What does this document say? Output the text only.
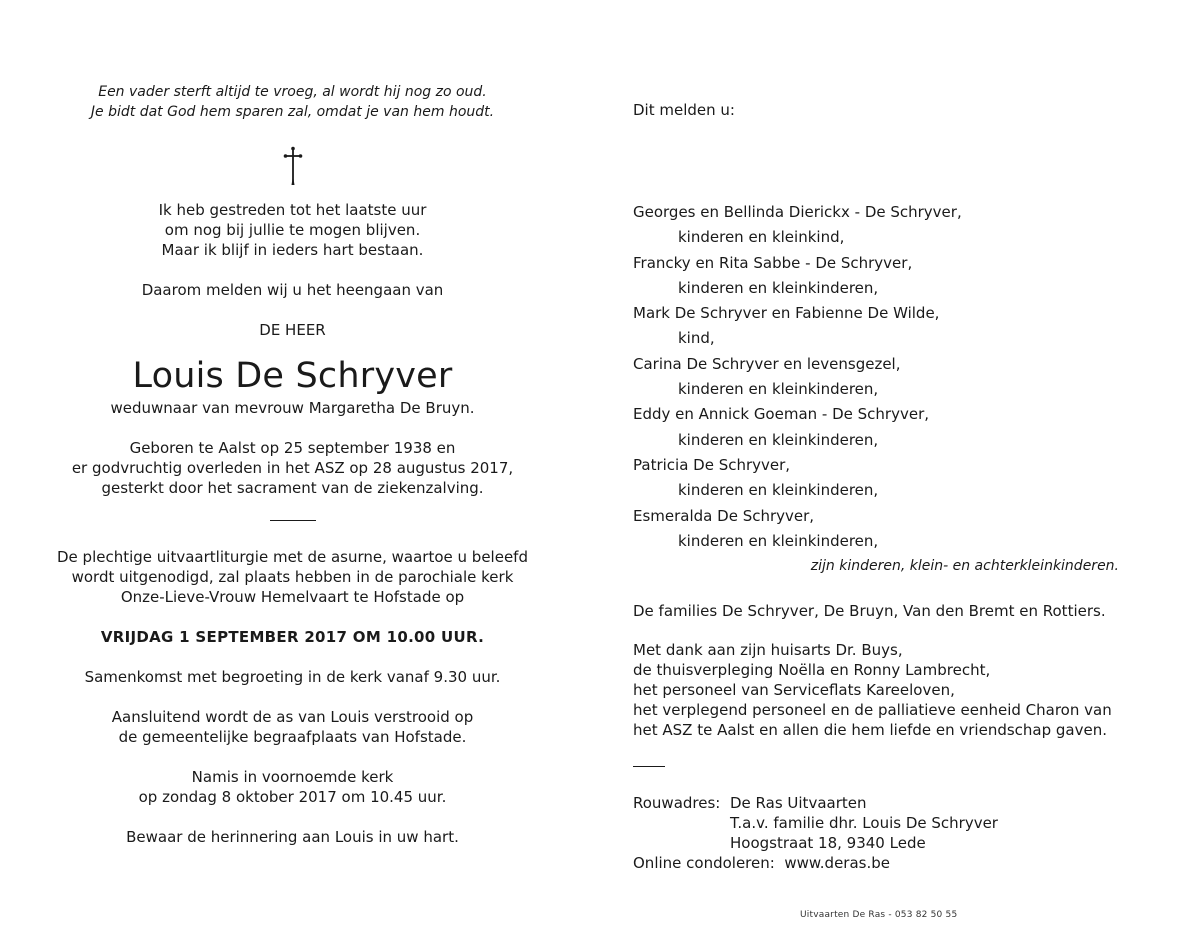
Een vader sterft altijd te vroeg, al wordt hij nog zo oud.

Je bidt dat God hem sparen zal, omdat je van hem houdt.

Ik heb gestreden tot het laatste uur

om nog bij jullie te mogen blijven.

Maar ik blijf in ieders hart bestaan.

Daarom melden wij u het heengaan van

DE HEER

Louis De Schryver

weduwnaar van mevrouw Margaretha De Bruyn.

Geboren te Aalst op 25 september 1938 en

er godvruchtig overleden in het ASZ op 28 augustus 2017,

gesterkt door het sacrament van de ziekenzalving.

De plechtige uitvaartliturgie met de asurne, waartoe u beleefd

wordt uitgenodigd, zal plaats hebben in de parochiale kerk

Onze-Lieve-Vrouw Hemelvaart te Hofstade op

VRIJDAG 1 SEPTEMBER 2017 OM 10.00 UUR.

Samenkomst met begroeting in de kerk vanaf 9.30 uur.

Aansluitend wordt de as van Louis verstrooid op

de gemeentelijke begraafplaats van Hofstade.

Namis in voornoemde kerk

op zondag 8 oktober 2017 om 10.45 uur.

Bewaar de herinnering aan Louis in uw hart.

Dit melden u:

Georges en Bellinda Dierickx - De Schryver,
kinderen en kleinkind,
Francky en Rita Sabbe - De Schryver,
kinderen en kleinkinderen,
Mark De Schryver en Fabienne De Wilde,
kind,
Carina De Schryver en levensgezel,
kinderen en kleinkinderen,
Eddy en Annick Goeman - De Schryver,
kinderen en kleinkinderen,
Patricia De Schryver,
kinderen en kleinkinderen,
Esmeralda De Schryver,
kinderen en kleinkinderen,
zijn kinderen, klein- en achterkleinkinderen.

De families De Schryver, De Bruyn, Van den Bremt en Rottiers.

Met dank aan zijn huisarts Dr. Buys,

de thuisverpleging Noëlla en Ronny Lambrecht,

het personeel van Serviceflats Kareeloven,

het verplegend personeel en de palliatieve eenheid Charon van

het ASZ te Aalst en allen die hem liefde en vriendschap gaven.

Rouwadres:	De Ras Uitvaarten
	T.a.v. familie dhr. Louis De Schryver
	Hoogstraat 18, 9340 Lede

Online condoleren: www.deras.be

Uitvaarten De Ras - 053 82 50 55
